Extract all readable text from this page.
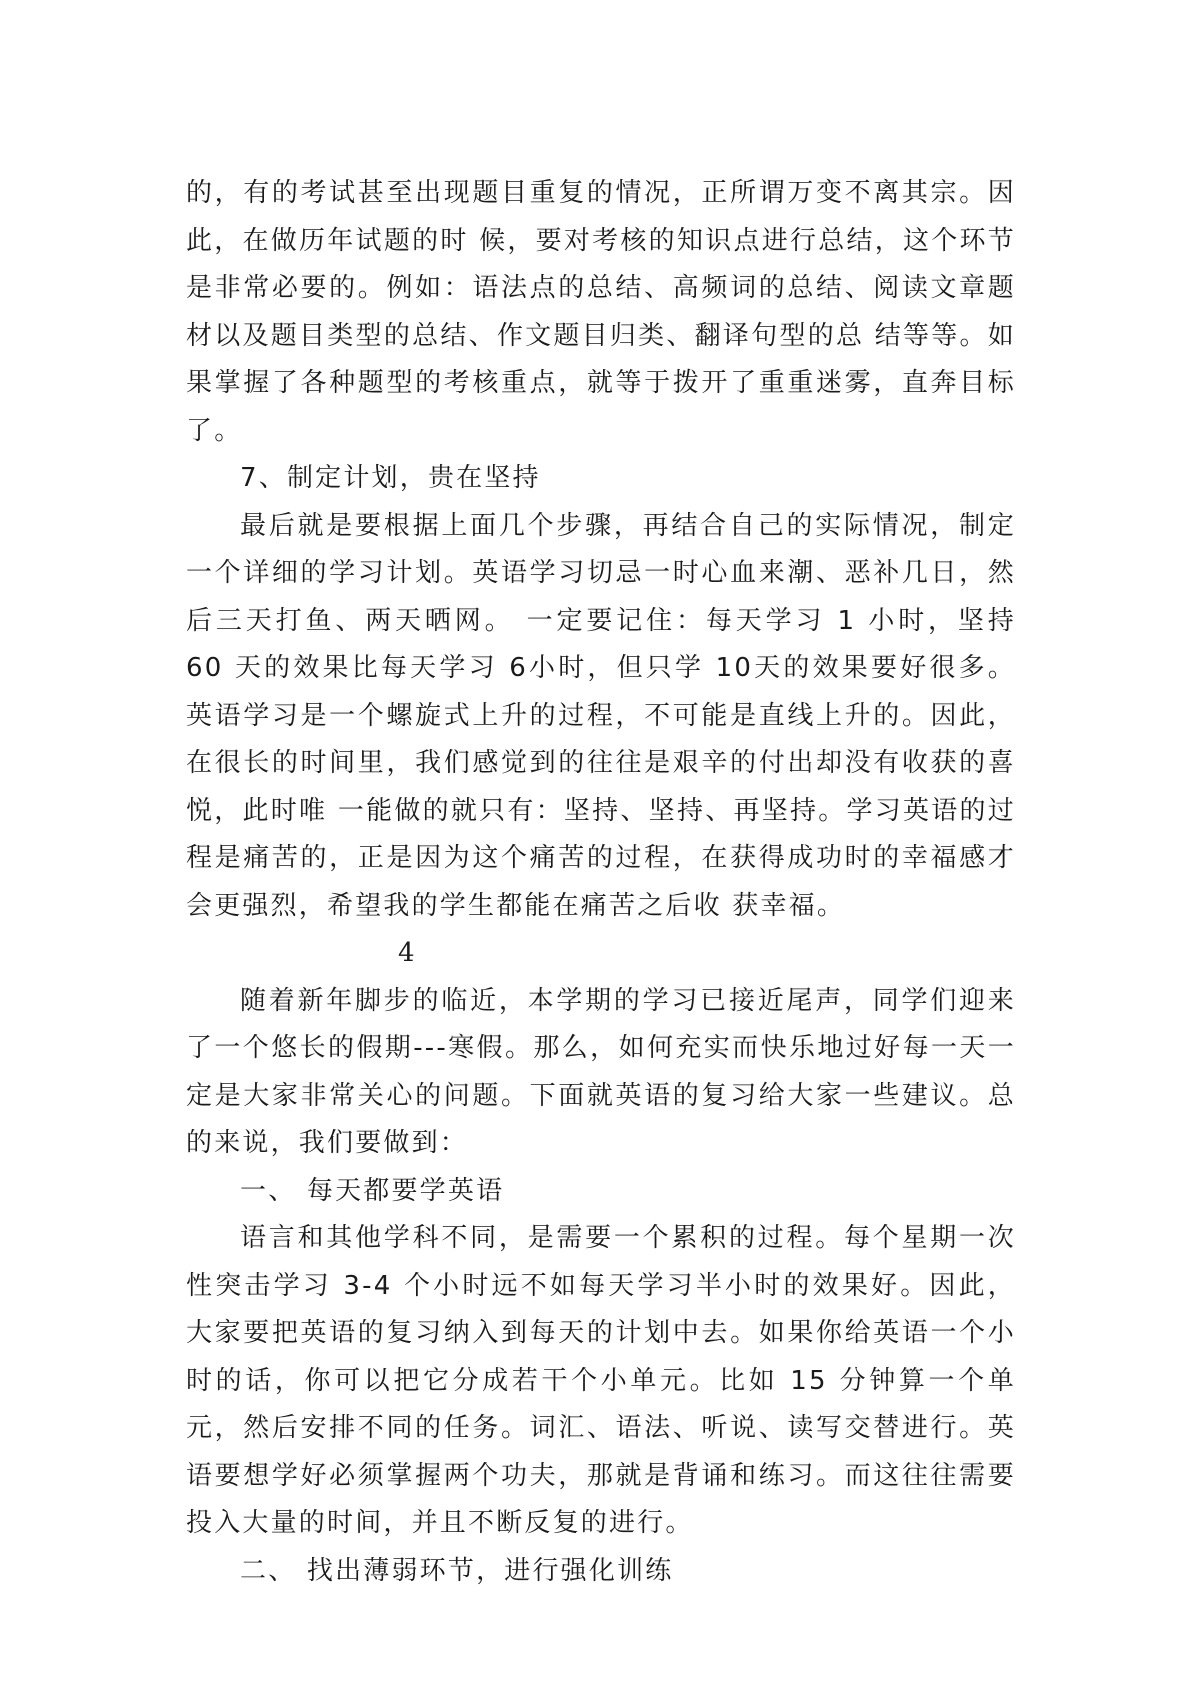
的，有的考试甚至出现题目重复的情况，正所谓万变不离其宗。因此，在做历年试题的时 候，要对考核的知识点进行总结，这个环节是非常必要的。例如：语法点的总结、高频词的总结、阅读文章题材以及题目类型的总结、作文题目归类、翻译句型的总 结等等。如果掌握了各种题型的考核重点，就等于拨开了重重迷雾，直奔目标了。

7、制定计划，贵在坚持

最后就是要根据上面几个步骤，再结合自己的实际情况，制定一个详细的学习计划。英语学习切忌一时心血来潮、恶补几日，然后三天打鱼、两天晒网。 一定要记住：每天学习 1 小时，坚持 60 天的效果比每天学习 6小时，但只学 10天的效果要好很多。英语学习是一个螺旋式上升的过程，不可能是直线上升的。因此，在很长的时间里，我们感觉到的往往是艰辛的付出却没有收获的喜悦，此时唯 一能做的就只有：坚持、坚持、再坚持。学习英语的过程是痛苦的，正是因为这个痛苦的过程，在获得成功时的幸福感才会更强烈，希望我的学生都能在痛苦之后收 获幸福。

4

随着新年脚步的临近，本学期的学习已接近尾声，同学们迎来了一个悠长的假期---寒假。那么，如何充实而快乐地过好每一天一定是大家非常关心的问题。下面就英语的复习给大家一些建议。总的来说，我们要做到：

一、 每天都要学英语

语言和其他学科不同，是需要一个累积的过程。每个星期一次性突击学习 3-4 个小时远不如每天学习半小时的效果好。因此，大家要把英语的复习纳入到每天的计划中去。如果你给英语一个小时的话，你可以把它分成若干个小单元。比如 15 分钟算一个单元，然后安排不同的任务。词汇、语法、听说、读写交替进行。英语要想学好必须掌握两个功夫，那就是背诵和练习。而这往往需要投入大量的时间，并且不断反复的进行。

二、 找出薄弱环节，进行强化训练
